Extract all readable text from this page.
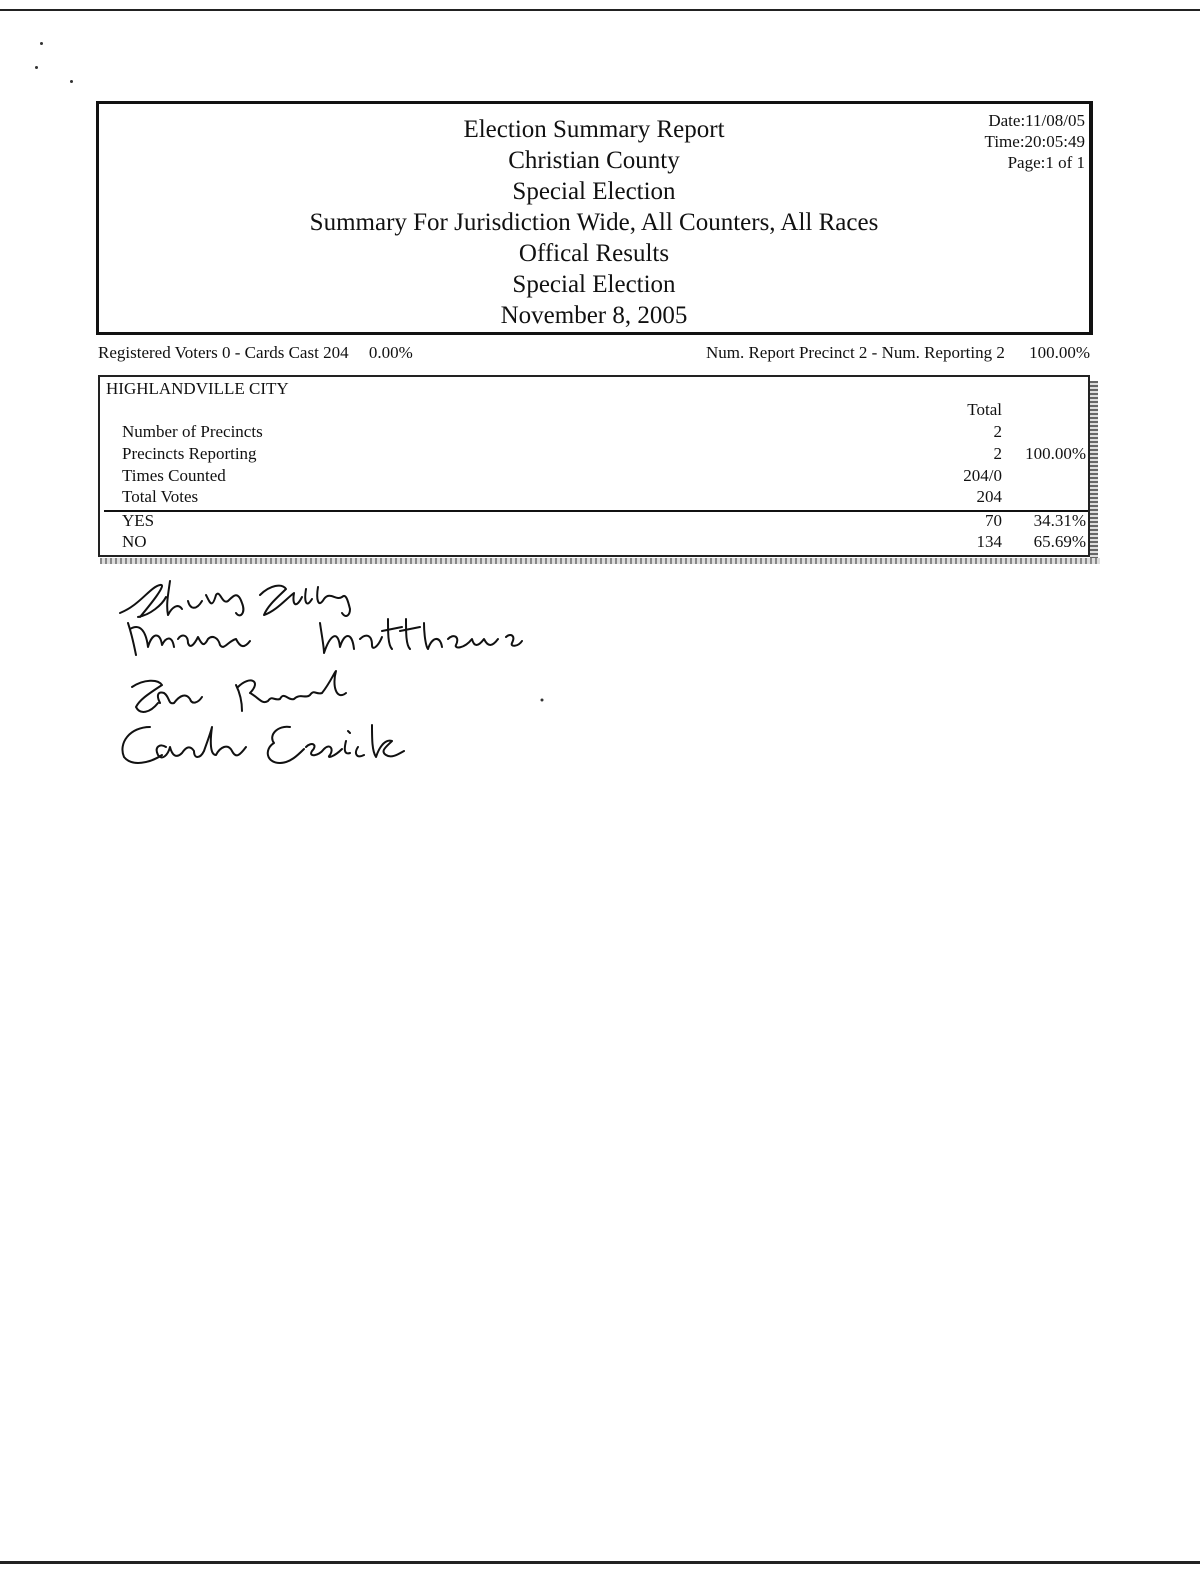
Election Summary Report
Christian County
Special Election
Summary For Jurisdiction Wide, All Counters, All Races
Offical Results
Special Election
November 8, 2005
Date:11/08/05
Time:20:05:49
Page:1 of 1
Registered Voters 0 - Cards Cast 204 0.00%	Num. Report Precinct 2 - Num. Reporting 2 100.00%
HIGHLANDVILLE CITY
Total
Number of Precincts	2
Precincts Reporting	2 100.00%
Times Counted	204/0
Total Votes	204
YES	70 34.31%
NO	134 65.69%
